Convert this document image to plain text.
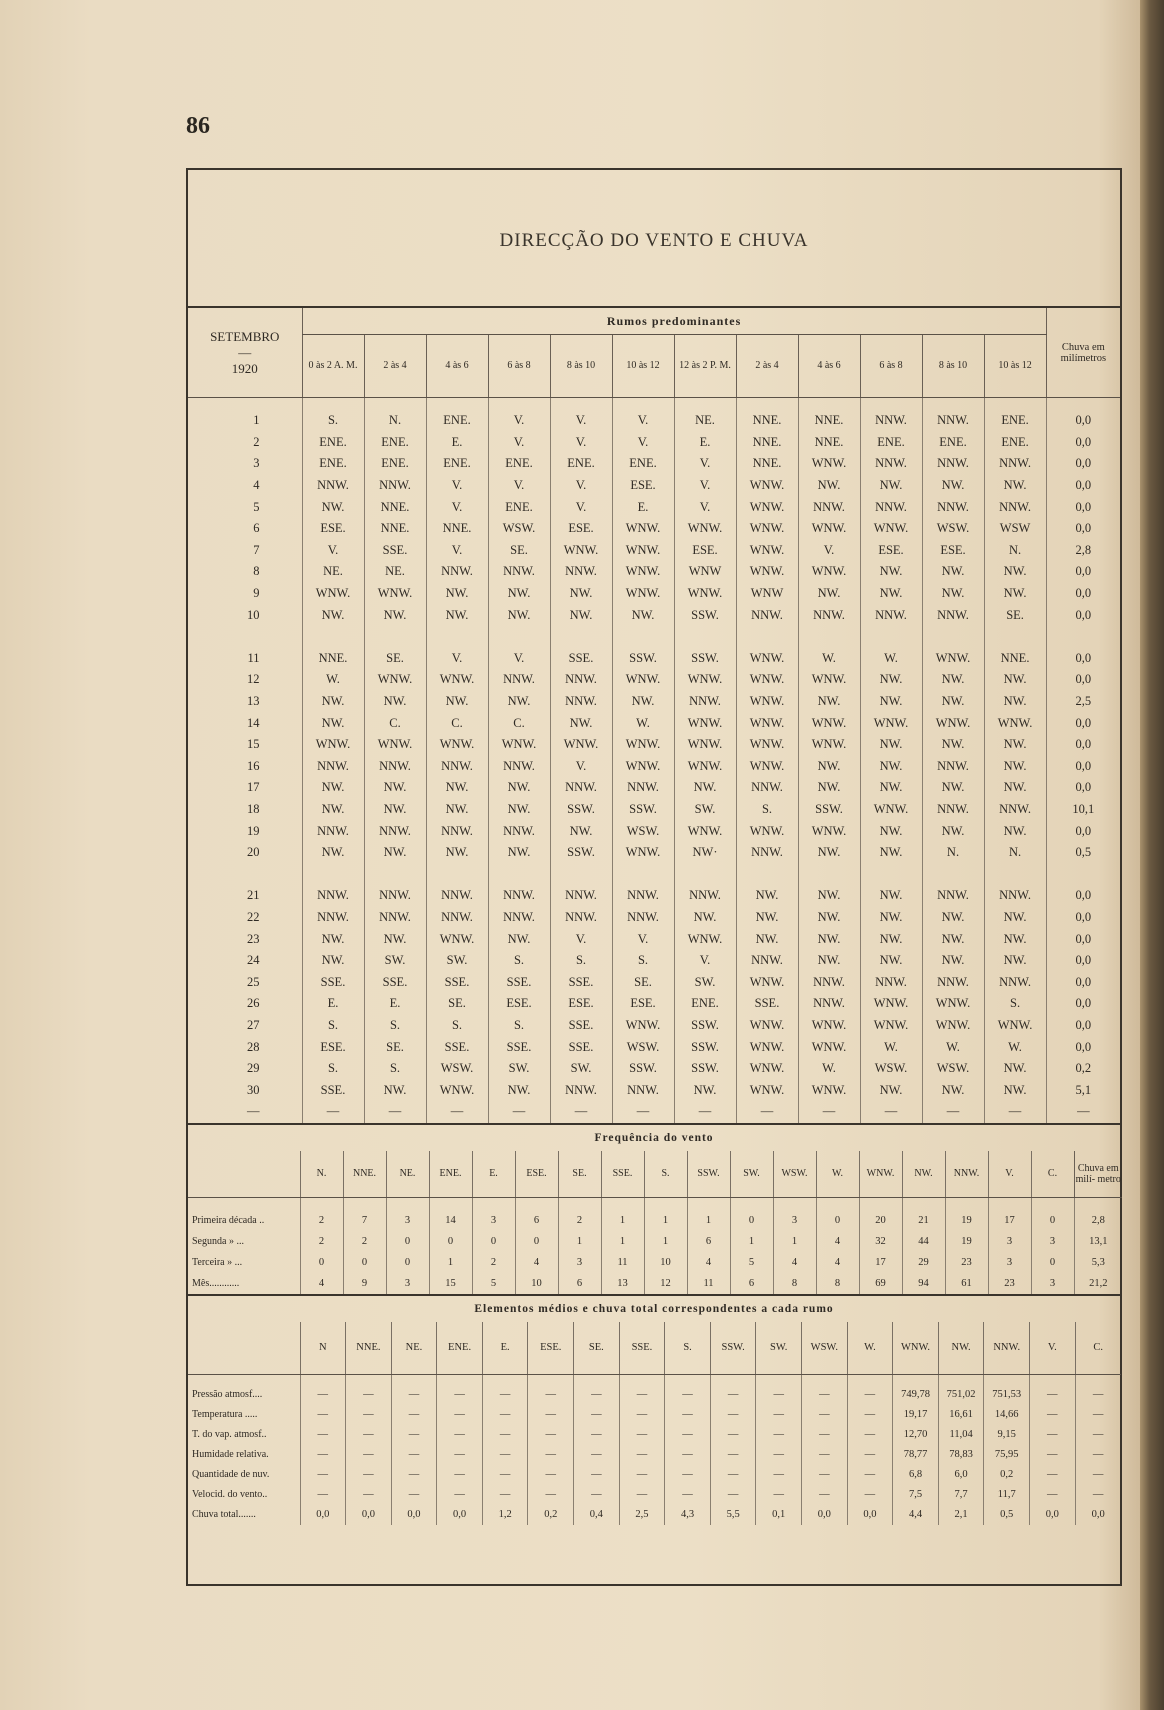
86
DIRECÇÃO DO VENTO E CHUVA
SETEMBRO
—
1920	Rumos predominantes												Chuva em milímetros
	0 às 2 A. M.	2 às 4	4 às 6	6 às 8	8 às 10	10 às 12	12 às 2 P. M.	2 às 4	4 às 6	6 às 8	8 às 10	10 às 12	
1	S.	N.	ENE.	V.	V.	V.	NE.	NNE.	NNE.	NNW.	NNW.	ENE.	0,0
2	ENE.	ENE.	E.	V.	V.	V.	E.	NNE.	NNE.	ENE.	ENE.	ENE.	0,0
3	ENE.	ENE.	ENE.	ENE.	ENE.	ENE.	V.	NNE.	WNW.	NNW.	NNW.	NNW.	0,0
4	NNW.	NNW.	V.	V.	V.	ESE.	V.	WNW.	NW.	NW.	NW.	NW.	0,0
5	NW.	NNE.	V.	ENE.	V.	E.	V.	WNW.	NNW.	NNW.	NNW.	NNW.	0,0
6	ESE.	NNE.	NNE.	WSW.	ESE.	WNW.	WNW.	WNW.	WNW.	WNW.	WSW.	WSW	0,0
7	V.	SSE.	V.	SE.	WNW.	WNW.	ESE.	WNW.	V.	ESE.	ESE.	N.	2,8
8	NE.	NE.	NNW.	NNW.	NNW.	WNW.	WNW	WNW.	WNW.	NW.	NW.	NW.	0,0
9	WNW.	WNW.	NW.	NW.	NW.	WNW.	WNW.	WNW	NW.	NW.	NW.	NW.	0,0
10	NW.	NW.	NW.	NW.	NW.	NW.	SSW.	NNW.	NNW.	NNW.	NNW.	SE.	0,0

11	NNE.	SE.	V.	V.	SSE.	SSW.	SSW.	WNW.	W.	W.	WNW.	NNE.	0,0
12	W.	WNW.	WNW.	NNW.	NNW.	WNW.	WNW.	WNW.	WNW.	NW.	NW.	NW.	0,0
13	NW.	NW.	NW.	NW.	NNW.	NW.	NNW.	WNW.	NW.	NW.	NW.	NW.	2,5
14	NW.	C.	C.	C.	NW.	W.	WNW.	WNW.	WNW.	WNW.	WNW.	WNW.	0,0
15	WNW.	WNW.	WNW.	WNW.	WNW.	WNW.	WNW.	WNW.	WNW.	NW.	NW.	NW.	0,0
16	NNW.	NNW.	NNW.	NNW.	V.	WNW.	WNW.	WNW.	NW.	NW.	NNW.	NW.	0,0
17	NW.	NW.	NW.	NW.	NNW.	NNW.	NW.	NNW.	NW.	NW.	NW.	NW.	0,0
18	NW.	NW.	NW.	NW.	SSW.	SSW.	SW.	S.	SSW.	WNW.	NNW.	NNW.	10,1
19	NNW.	NNW.	NNW.	NNW.	NW.	WSW.	WNW.	WNW.	WNW.	NW.	NW.	NW.	0,0
20	NW.	NW.	NW.	NW.	SSW.	WNW.	NW·	NNW.	NW.	NW.	N.	N.	0,5

21	NNW.	NNW.	NNW.	NNW.	NNW.	NNW.	NNW.	NW.	NW.	NW.	NNW.	NNW.	0,0
22	NNW.	NNW.	NNW.	NNW.	NNW.	NNW.	NW.	NW.	NW.	NW.	NW.	NW.	0,0
23	NW.	NW.	WNW.	NW.	V.	V.	WNW.	NW.	NW.	NW.	NW.	NW.	0,0
24	NW.	SW.	SW.	S.	S.	S.	V.	NNW.	NW.	NW.	NW.	NW.	0,0
25	SSE.	SSE.	SSE.	SSE.	SSE.	SE.	SW.	WNW.	NNW.	NNW.	NNW.	NNW.	0,0
26	E.	E.	SE.	ESE.	ESE.	ESE.	ENE.	SSE.	NNW.	WNW.	WNW.	S.	0,0
27	S.	S.	S.	S.	SSE.	WNW.	SSW.	WNW.	WNW.	WNW.	WNW.	WNW.	0,0
28	ESE.	SE.	SSE.	SSE.	SSE.	WSW.	SSW.	WNW.	WNW.	W.	W.	W.	0,0
29	S.	S.	WSW.	SW.	SW.	SSW.	SSW.	WNW.	W.	WSW.	WSW.	NW.	0,2
30	SSE.	NW.	WNW.	NW.	NNW.	NNW.	NW.	WNW.	WNW.	NW.	NW.	NW.	5,1
—	—	—	—	—	—	—	—	—	—	—	—	—	—
Frequência do vento
	N.	NNE.	NE.	ENE.	E.	ESE.	SE.	SSE.	S.	SSW.	SW.	WSW.	W.	WNW.	NW.	NNW.	V.	C.	Chuva em milí- metro
Primeira década ..	2	7	3	14	3	6	2	1	1	1	0	3	0	20	21	19	17	0	2,8
Segunda » ...	2	2	0	0	0	0	1	1	1	6	1	1	4	32	44	19	3	3	13,1
Terceira » ...	0	0	0	1	2	4	3	11	10	4	5	4	4	17	29	23	3	0	5,3
Mês............	4	9	3	15	5	10	6	13	12	11	6	8	8	69	94	61	23	3	21,2
Elementos médios e chuva total correspondentes a cada rumo
	N	NNE.	NE.	ENE.	E.	ESE.	SE.	SSE.	S.	SSW.	SW.	WSW.	W.	WNW.	NW.	NNW.	V.	C.
Pressão atmosf....	—	—	—	—	—	—	—	—	—	—	—	—	—	749,78	751,02	751,53	—	—
Temperatura .....	—	—	—	—	—	—	—	—	—	—	—	—	—	19,17	16,61	14,66	—	—
T. do vap. atmosf..	—	—	—	—	—	—	—	—	—	—	—	—	—	12,70	11,04	9,15	—	—
Humidade relativa.	—	—	—	—	—	—	—	—	—	—	—	—	—	78,77	78,83	75,95	—	—
Quantidade de nuv.	—	—	—	—	—	—	—	—	—	—	—	—	—	6,8	6,0	0,2	—	—
Velocid. do vento..	—	—	—	—	—	—	—	—	—	—	—	—	—	7,5	7,7	11,7	—	—
Chuva total.......	0,0	0,0	0,0	0,0	1,2	0,2	0,4	2,5	4,3	5,5	0,1	0,0	0,0	4,4	2,1	0,5	0,0	0,0
